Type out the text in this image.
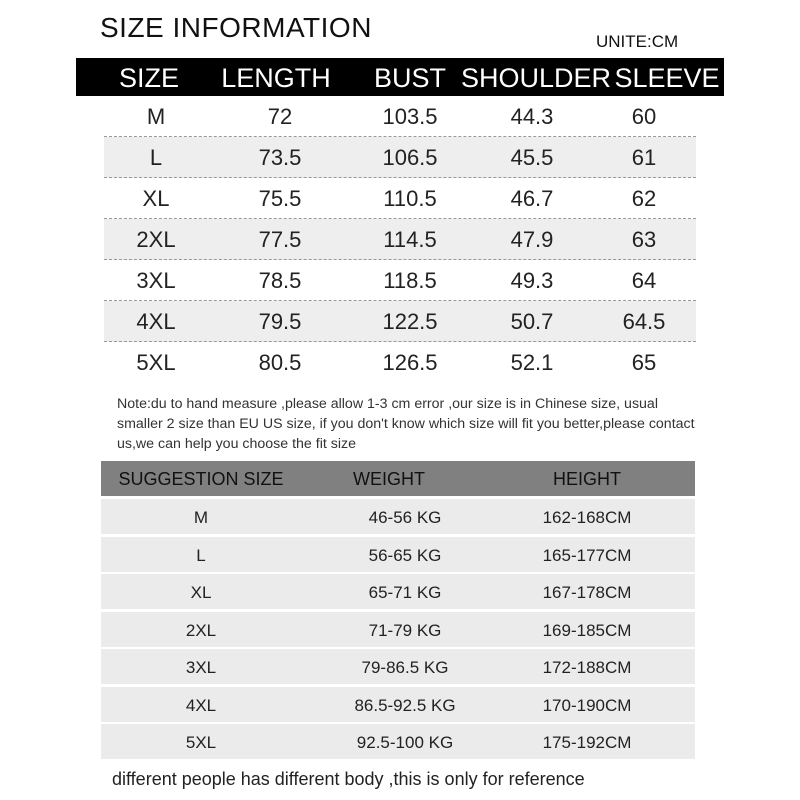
SIZE INFORMATION	UNITE:CM
SIZE LENGTH BUST SHOULDER SLEEVE
M	72	103.5	44.3	60
L	73.5	106.5	45.5	61
XL	75.5	110.5	46.7	62
2XL	77.5	114.5	47.9	63
3XL	78.5	118.5	49.3	64
4XL	79.5	122.5	50.7	64.5
5XL	80.5	126.5	52.1	65
Note:du to hand measure ,please allow 1-3 cm error ,our size is in Chinese size, usual smaller 2 size than EU US size, if you don't know which size will fit you better,please contact us,we can help you choose the fit size
SUGGESTION SIZE	WEIGHT	HEIGHT
M	46-56 KG	162-168CM
L	56-65 KG	165-177CM
XL	65-71 KG	167-178CM
2XL	71-79 KG	169-185CM
3XL	79-86.5 KG	172-188CM
4XL	86.5-92.5 KG	170-190CM
5XL	92.5-100 KG	175-192CM
different people has different body ,this is only for reference
